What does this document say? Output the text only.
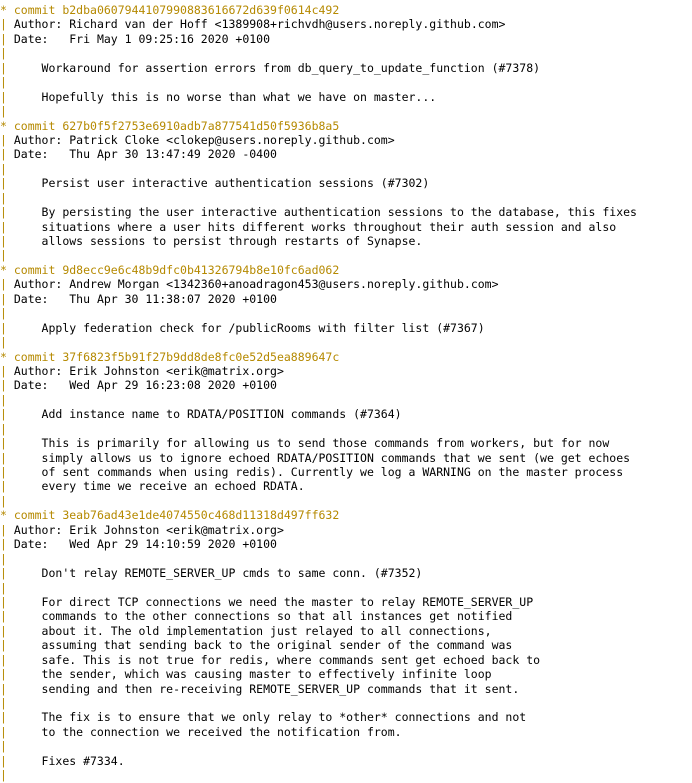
* commit b2dba0607944107990883616672d639f0614c492
| Author: Richard van der Hoff <1389908+richvdh@users.noreply.github.com>
| Date:   Fri May 1 09:25:16 2020 +0100
|
|     Workaround for assertion errors from db_query_to_update_function (#7378)
|
|     Hopefully this is no worse than what we have on master...
|
* commit 627b0f5f2753e6910adb7a877541d50f5936b8a5
| Author: Patrick Cloke <clokep@users.noreply.github.com>
| Date:   Thu Apr 30 13:47:49 2020 -0400
|
|     Persist user interactive authentication sessions (#7302)
|
|     By persisting the user interactive authentication sessions to the database, this fixes
|     situations where a user hits different works throughout their auth session and also
|     allows sessions to persist through restarts of Synapse.
|
* commit 9d8ecc9e6c48b9dfc0b41326794b8e10fc6ad062
| Author: Andrew Morgan <1342360+anoadragon453@users.noreply.github.com>
| Date:   Thu Apr 30 11:38:07 2020 +0100
|
|     Apply federation check for /publicRooms with filter list (#7367)
|
* commit 37f6823f5b91f27b9dd8de8fc0e52d5ea889647c
| Author: Erik Johnston <erik@matrix.org>
| Date:   Wed Apr 29 16:23:08 2020 +0100
|
|     Add instance name to RDATA/POSITION commands (#7364)
|
|     This is primarily for allowing us to send those commands from workers, but for now
|     simply allows us to ignore echoed RDATA/POSITION commands that we sent (we get echoes
|     of sent commands when using redis). Currently we log a WARNING on the master process
|     every time we receive an echoed RDATA.
|
* commit 3eab76ad43e1de4074550c468d11318d497ff632
| Author: Erik Johnston <erik@matrix.org>
| Date:   Wed Apr 29 14:10:59 2020 +0100
|
|     Don't relay REMOTE_SERVER_UP cmds to same conn. (#7352)
|
|     For direct TCP connections we need the master to relay REMOTE_SERVER_UP
|     commands to the other connections so that all instances get notified
|     about it. The old implementation just relayed to all connections,
|     assuming that sending back to the original sender of the command was
|     safe. This is not true for redis, where commands sent get echoed back to
|     the sender, which was causing master to effectively infinite loop
|     sending and then re-receiving REMOTE_SERVER_UP commands that it sent.
|
|     The fix is to ensure that we only relay to *other* connections and not
|     to the connection we received the notification from.
|
|     Fixes #7334.
|
